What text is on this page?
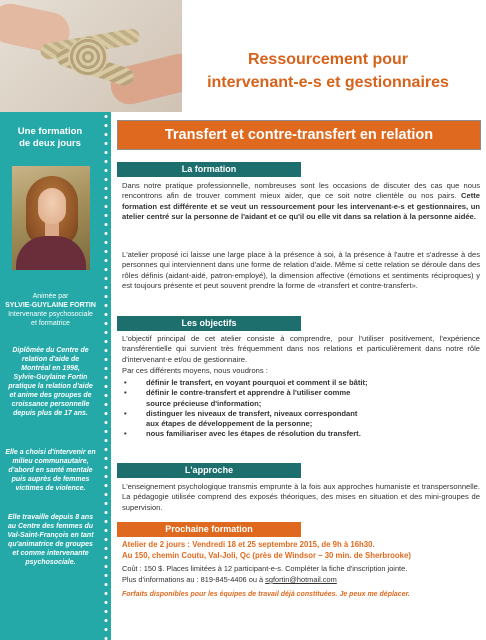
Ressourcement pour
intervenant-e-s et gestionnaires
Une formation
de deux jours
Animée par
SYLVIE-GUYLAINE FORTIN
Intervenante psychosociale
et formatrice
Diplômée du Centre de
relation d'aide de
Montréal en 1998,
Sylvie-Guylaine Fortin
pratique la relation d'aide
et anime des groupes de
croissance personnelle
depuis plus de 17 ans.
Elle a choisi d'intervenir en
milieu communautaire,
d'abord en santé mentale
puis auprès de femmes
victimes de violence.
Elle travaille depuis 8 ans
au Centre des femmes du
Val-Saint-François en tant
qu'animatrice de groupes
et comme intervenante
psychosociale.
Transfert et contre-transfert en relation
La formation
Dans notre pratique professionnelle, nombreuses sont les occasions de discuter des cas que nous rencontrons afin de trouver comment mieux aider, que ce soit notre clientèle ou nos pairs. Cette formation est différente et se veut un ressourcement pour les intervenant-e-s et gestionnaires, un atelier centré sur la personne de l'aidant et ce qu'il ou elle vit dans sa relation à la personne aidée.
L'atelier proposé ici laisse une large place à la présence à soi, à la présence à l'autre et s'adresse à des personnes qui interviennent dans une forme de relation d'aide. Même si cette relation se déroule dans des rôles définis (aidant-aidé, patron-employé), la dimension affective (émotions et sentiments réciproques) y est toujours présente et peut souvent prendre la forme de «transfert et contre-transfert».
Les objectifs
L'objectif principal de cet atelier consiste à comprendre, pour l'utiliser positivement, l'expérience transférentielle qui survient très fréquemment dans nos relations et particulièrement dans notre rôle d'intervenant-e et/ou de gestionnaire.
Par ces différents moyens, nous voudrons :
• définir le transfert, en voyant pourquoi et comment il se bâtit;
• définir le contre-transfert et apprendre à l'utiliser comme
source précieuse d'information;
• distinguer les niveaux de transfert, niveaux correspondant
aux étapes de développement de la personne;
• nous familiariser avec les étapes de résolution du transfert.
L'approche
L'enseignement psychologique transmis emprunte à la fois aux approches humaniste et transpersonnelle. La pédagogie utilisée comprend des exposés théoriques, des mises en situation et des mini-groupes de supervision.
Prochaine formation
Atelier de 2 jours : Vendredi 18 et 25 septembre 2015, de 9h à 16h30.
Au 150, chemin Coutu, Val-Joli, Qc (près de Windsor – 30 min. de Sherbrooke)
Coût : 150 $. Places limitées à 12 participant-e-s. Compléter la fiche d'inscription jointe.
Plus d'informations au : 819-845-4406 ou à sgfortin@hotmail.com
Forfaits disponibles pour les équipes de travail déjà constituées. Je peux me déplacer.
